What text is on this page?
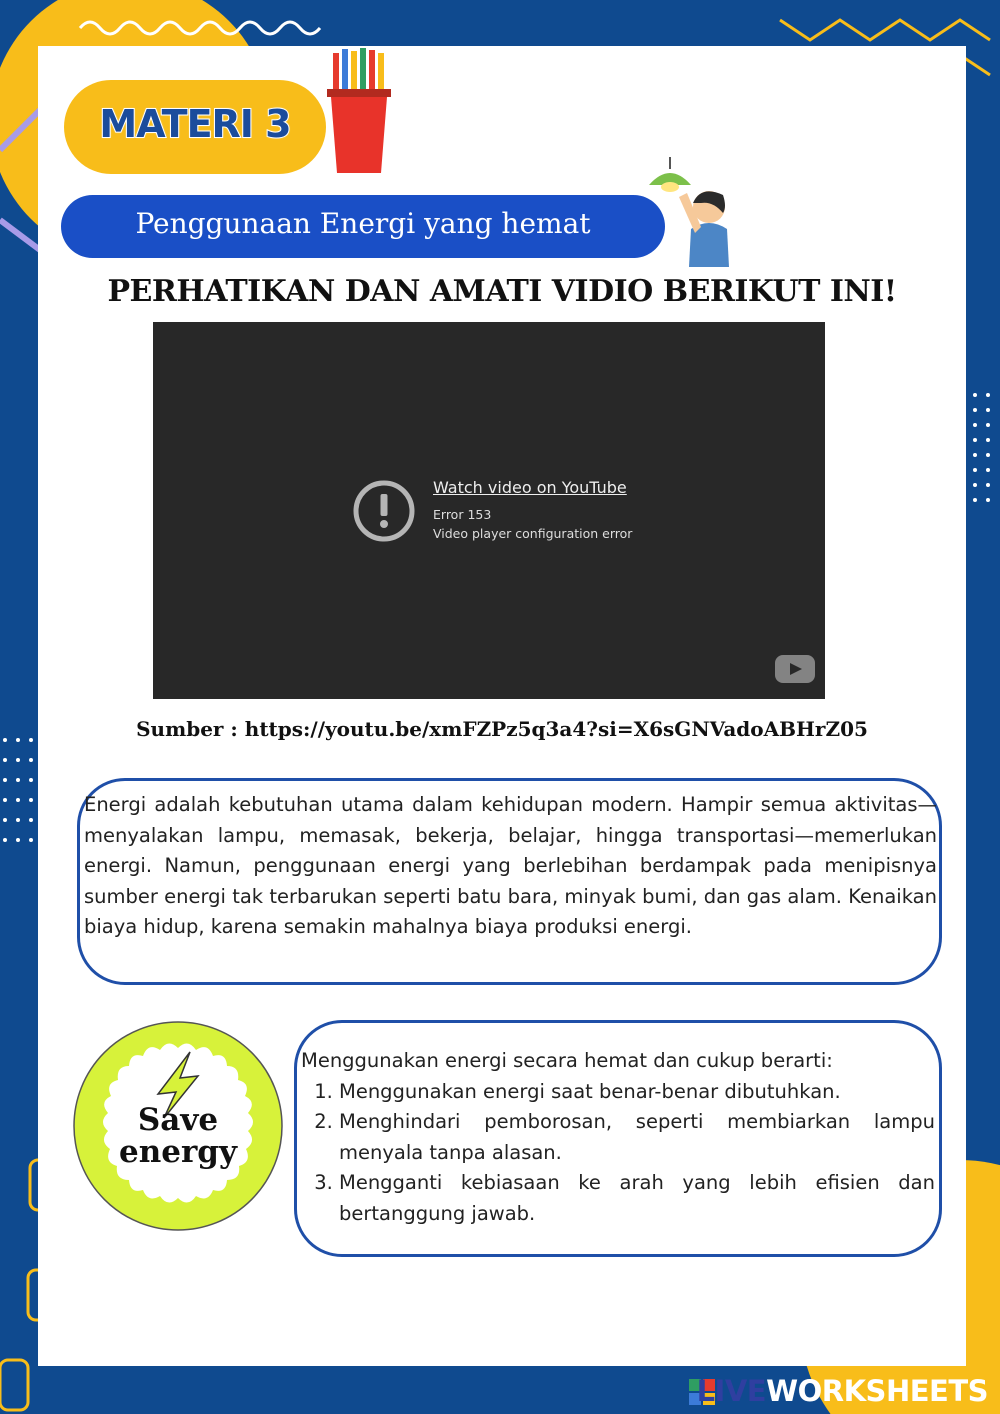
MATERI 3
Penggunaan Energi yang hemat
PERHATIKAN DAN AMATI VIDIO BERIKUT INI!
Watch video on YouTube
Error 153
Video player configuration error
Sumber : https://youtu.be/xmFZPz5q3a4?si=X6sGNVadoABHrZ05
Energi adalah kebutuhan utama dalam kehidupan modern. Hampir semua aktivitas—menyalakan lampu, memasak, bekerja, belajar, hingga transportasi—memerlukan energi. Namun, penggunaan energi yang berlebihan berdampak pada menipisnya sumber energi tak terbarukan seperti batu bara, minyak bumi, dan gas alam. Kenaikan biaya hidup, karena semakin mahalnya biaya produksi energi.
Save
energy
Menggunakan energi secara hemat dan cukup berarti:
1. Menggunakan energi saat benar-benar dibutuhkan.
2. Menghindari pemborosan, seperti membiarkan lampu menyala tanpa alasan.
3. Mengganti kebiasaan ke arah yang lebih efisien dan bertanggung jawab.
LIVEWORKSHEETS
